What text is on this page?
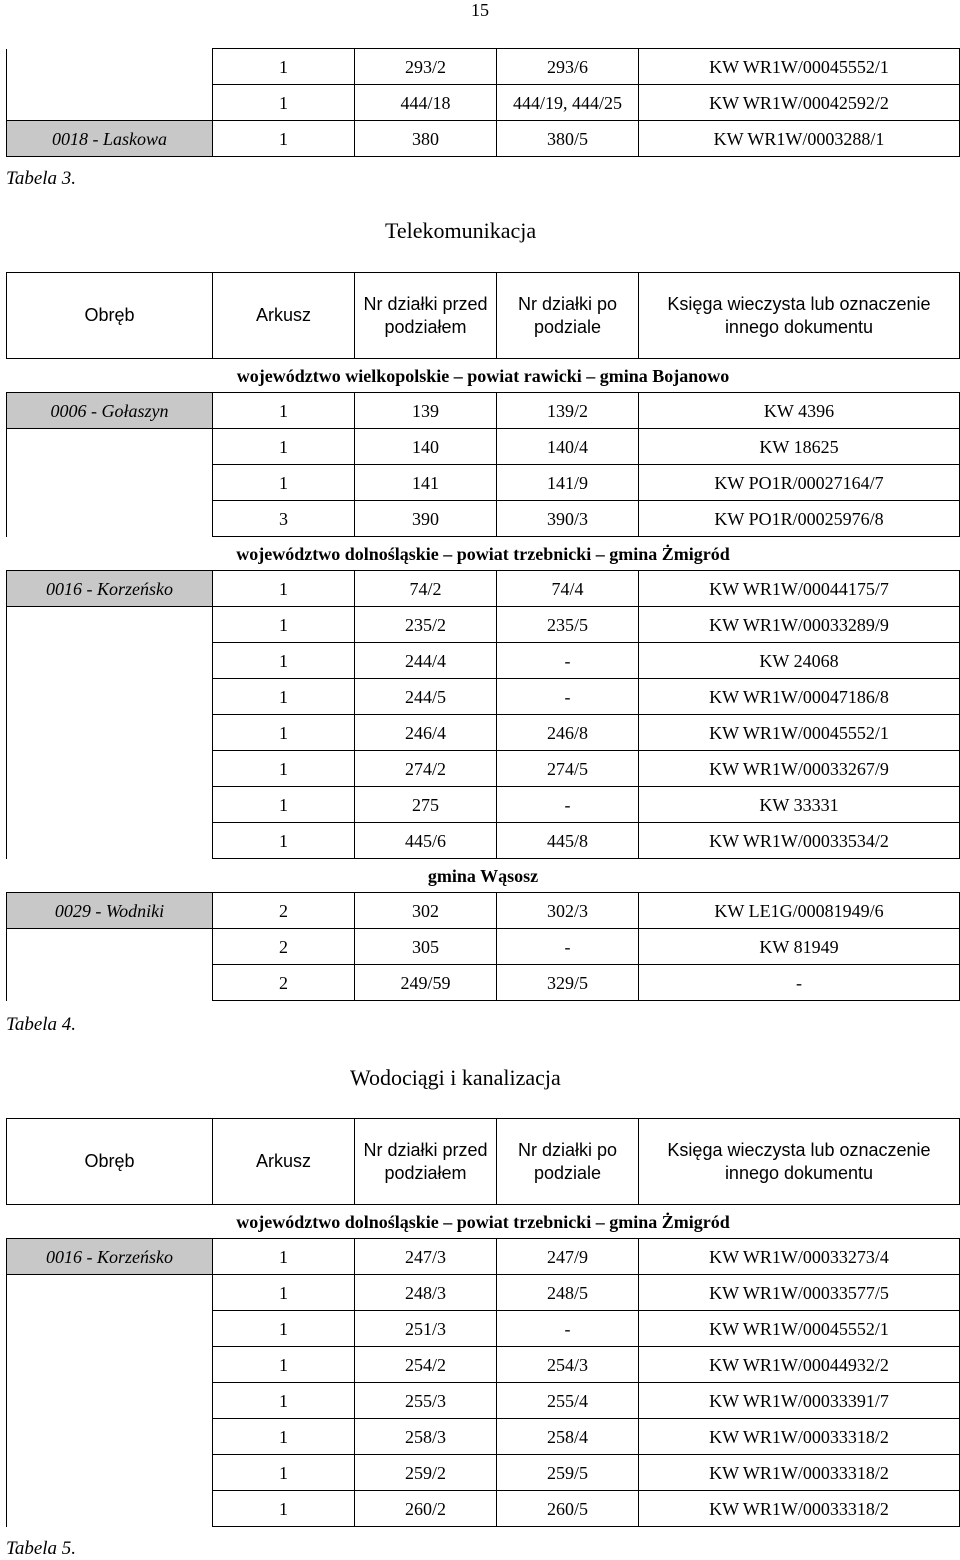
15
	1	293/2	293/6	KW WR1W/00045552/1
	1	444/18	444/19, 444/25	KW WR1W/00042592/2
0018 - Laskowa	1	380	380/5	KW WR1W/0003288/1
Tabela 3.
Telekomunikacja
Obręb	Arkusz	Nr działki przed podziałem	Nr działki po podziale	Księga wieczysta lub oznaczenie innego dokumentu
województwo wielkopolskie – powiat rawicki – gmina Bojanowo				
0006 - Gołaszyn	1	139	139/2	KW 4396
	1	140	140/4	KW 18625
	1	141	141/9	KW PO1R/00027164/7
	3	390	390/3	KW PO1R/00025976/8
województwo dolnośląskie – powiat trzebnicki – gmina Żmigród				
0016 - Korzeńsko	1	74/2	74/4	KW WR1W/00044175/7
	1	235/2	235/5	KW WR1W/00033289/9
	1	244/4	-	KW 24068
	1	244/5	-	KW WR1W/00047186/8
	1	246/4	246/8	KW WR1W/00045552/1
	1	274/2	274/5	KW WR1W/00033267/9
	1	275	-	KW 33331
	1	445/6	445/8	KW WR1W/00033534/2
gmina Wąsosz				
0029 - Wodniki	2	302	302/3	KW LE1G/00081949/6
	2	305	-	KW 81949
	2	249/59	329/5	-
Tabela 4.
Wodociągi i kanalizacja
Obręb	Arkusz	Nr działki przed podziałem	Nr działki po podziale	Księga wieczysta lub oznaczenie innego dokumentu
województwo dolnośląskie – powiat trzebnicki – gmina Żmigród				
0016 - Korzeńsko	1	247/3	247/9	KW WR1W/00033273/4
	1	248/3	248/5	KW WR1W/00033577/5
	1	251/3	-	KW WR1W/00045552/1
	1	254/2	254/3	KW WR1W/00044932/2
	1	255/3	255/4	KW WR1W/00033391/7
	1	258/3	258/4	KW WR1W/00033318/2
	1	259/2	259/5	KW WR1W/00033318/2
	1	260/2	260/5	KW WR1W/00033318/2
Tabela 5.
